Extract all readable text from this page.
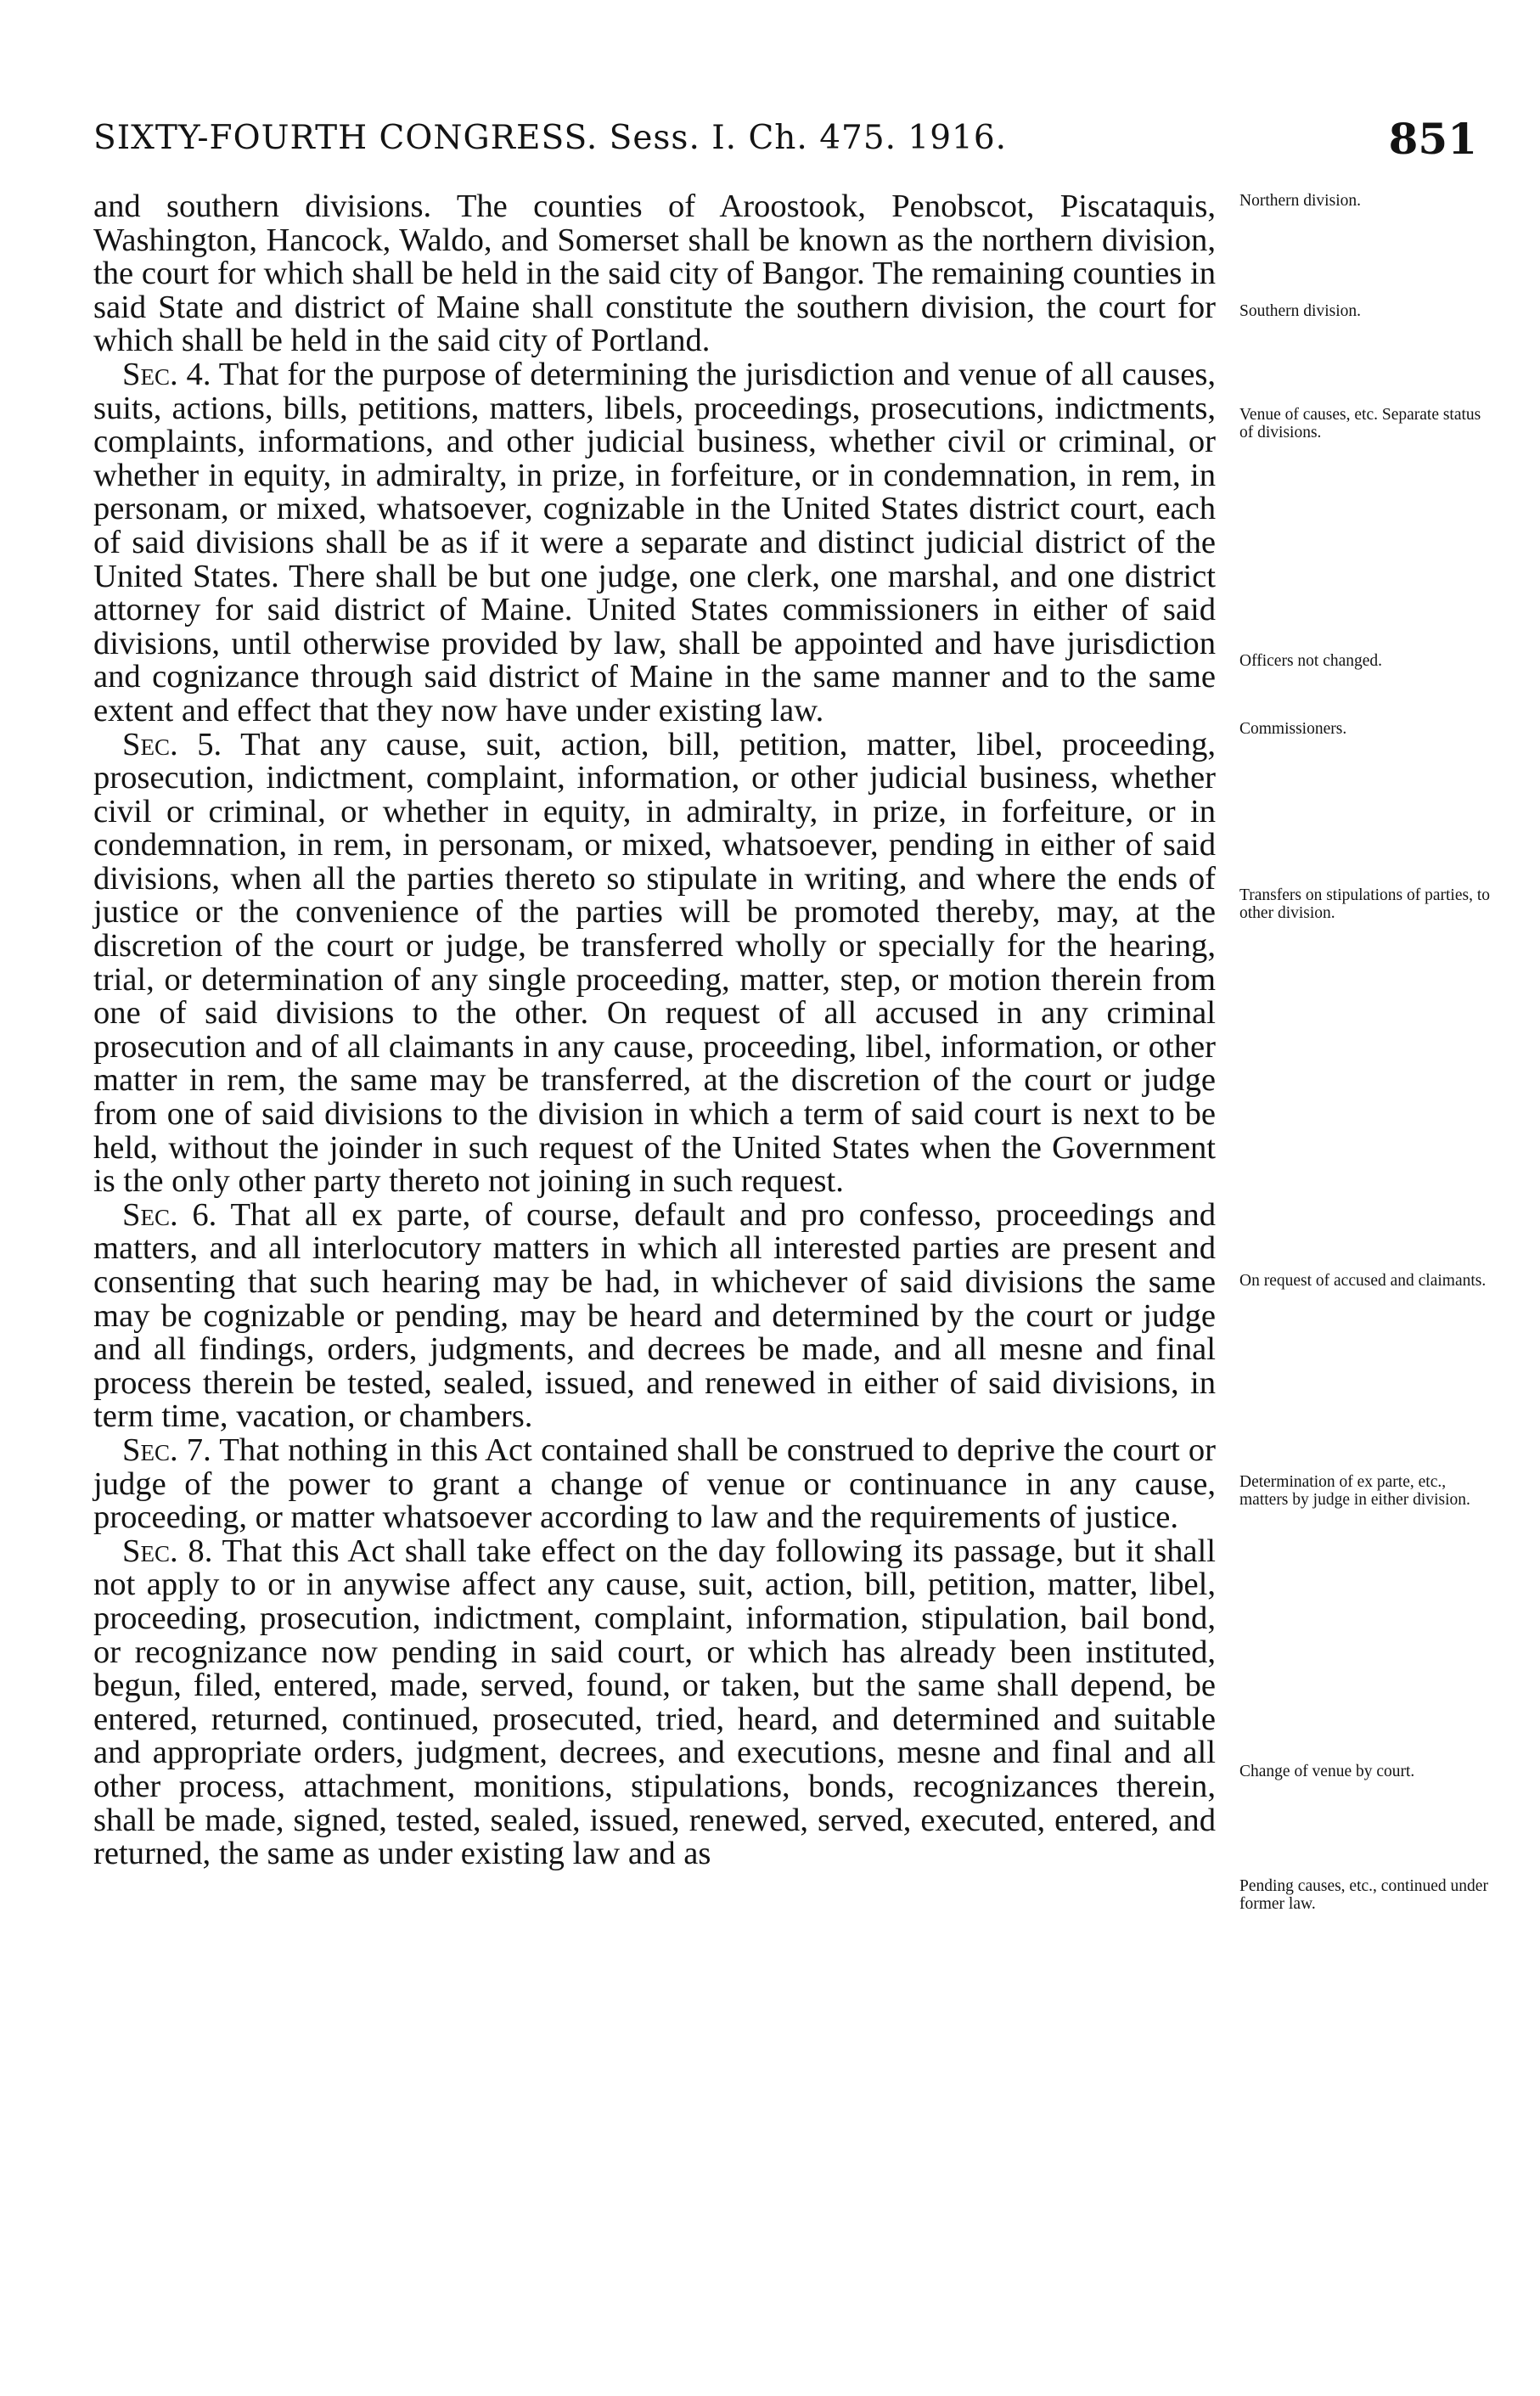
SIXTY-FOURTH CONGRESS. Sess. I. Ch. 475. 1916.	851

and southern divisions. The counties of Aroostook, Penobscot, Piscataquis, Washington, Hancock, Waldo, and Somerset shall be known as the northern division, the court for which shall be held in the said city of Bangor. The remaining counties in said State and district of Maine shall constitute the southern division, the court for which shall be held in the said city of Portland.

Sec. 4. That for the purpose of determining the jurisdiction and venue of all causes, suits, actions, bills, petitions, matters, libels, proceedings, prosecutions, indictments, complaints, informations, and other judicial business, whether civil or criminal, or whether in equity, in admiralty, in prize, in forfeiture, or in condemnation, in rem, in personam, or mixed, whatsoever, cognizable in the United States district court, each of said divisions shall be as if it were a separate and distinct judicial district of the United States. There shall be but one judge, one clerk, one marshal, and one district attorney for said district of Maine. United States commissioners in either of said divisions, until otherwise provided by law, shall be appointed and have jurisdiction and cognizance through said district of Maine in the same manner and to the same extent and effect that they now have under existing law.

Sec. 5. That any cause, suit, action, bill, petition, matter, libel, proceeding, prosecution, indictment, complaint, information, or other judicial business, whether civil or criminal, or whether in equity, in admiralty, in prize, in forfeiture, or in condemnation, in rem, in personam, or mixed, whatsoever, pending in either of said divisions, when all the parties thereto so stipulate in writing, and where the ends of justice or the convenience of the parties will be promoted thereby, may, at the discretion of the court or judge, be transferred wholly or specially for the hearing, trial, or determination of any single proceeding, matter, step, or motion therein from one of said divisions to the other. On request of all accused in any criminal prosecution and of all claimants in any cause, proceeding, libel, information, or other matter in rem, the same may be transferred, at the discretion of the court or judge from one of said divisions to the division in which a term of said court is next to be held, without the joinder in such request of the United States when the Government is the only other party thereto not joining in such request.

Sec. 6. That all ex parte, of course, default and pro confesso, proceedings and matters, and all interlocutory matters in which all interested parties are present and consenting that such hearing may be had, in whichever of said divisions the same may be cognizable or pending, may be heard and determined by the court or judge and all findings, orders, judgments, and decrees be made, and all mesne and final process therein be tested, sealed, issued, and renewed in either of said divisions, in term time, vacation, or chambers.

Sec. 7. That nothing in this Act contained shall be construed to deprive the court or judge of the power to grant a change of venue or continuance in any cause, proceeding, or matter whatsoever according to law and the requirements of justice.

Sec. 8. That this Act shall take effect on the day following its passage, but it shall not apply to or in anywise affect any cause, suit, action, bill, petition, matter, libel, proceeding, prosecution, indictment, complaint, information, stipulation, bail bond, or recognizance now pending in said court, or which has already been instituted, begun, filed, entered, made, served, found, or taken, but the same shall depend, be entered, returned, continued, prosecuted, tried, heard, and determined and suitable and appropriate orders, judgment, decrees, and executions, mesne and final and all other process, attachment, monitions, stipulations, bonds, recognizances therein, shall be made, signed, tested, sealed, issued, renewed, served, executed, entered, and returned, the same as under existing law and as

Northern division.
Southern division.
Venue of causes, etc. Separate status of divisions.
Officers not changed.
Commissioners.
Transfers on stipulations of parties, to other division.
On request of accused and claimants.
Determination of ex parte, etc., matters by judge in either division.
Change of venue by court.
Pending causes, etc., continued under former law.
